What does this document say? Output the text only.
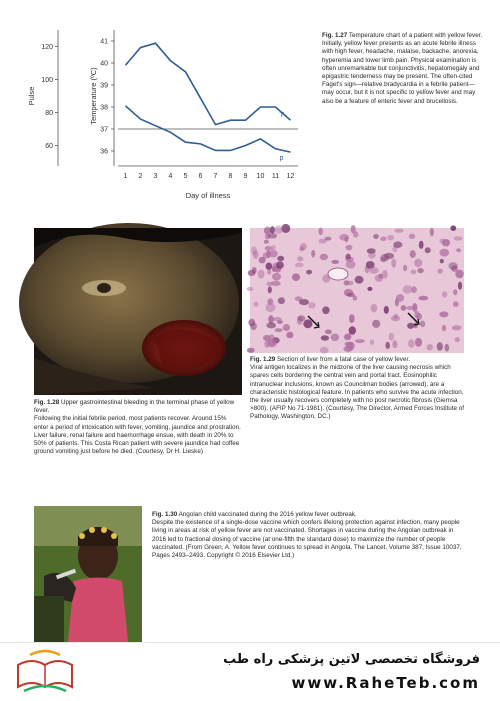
36
37
38
39
40
41
60
80
100
120
1 2 3 4 5 6 7 8 9 10 11 12
Day of illness
Temperature (ºC)
Pulse
T
p
Fig. 1.27 Temperature chart of a patient with yellow fever.
Initially, yellow fever presents as an acute febrile illness with high fever, headache, malaise, backache, anorexia, hyperemia and lower limb pain. Physical examination is often unremarkable but conjunctivitis, hepatomegaly and epigastric tenderness may be present. The often-cited Faget's sign—relative bradycardia in a febrile patient—may occur, but it is not specific to yellow fever and may also be a feature of enteric fever and brucellosis.
Fig. 1.28 Upper gastrointestinal bleeding in the terminal phase of yellow fever.
Following the initial febrile period, most patients recover. Around 15% enter a period of intoxication with fever, vomiting, jaundice and prostration. Liver failure, renal failure and haemorrhage ensue, with death in 20% to 50% of patients. This Costa Rican patient with severe jaundice had coffee ground vomiting just before he died. (Courtesy, Dr H. Lieske)
Fig. 1.29 Section of liver from a fatal case of yellow fever.
Viral antigen localizes in the midzone of the liver causing necrosis which spares cells bordering the central vein and portal tract. Eosinophilic intranuclear inclusions, known as Councilman bodies (arrowed), are a characteristic histological feature. In patients who survive the acute infection, the liver usually recovers completely with no post necrotic fibrosis (Giemsa ×800). (AFIP No 71-1981). (Courtesy, The Director, Armed Forces Institute of Pathology, Washington, DC.)
Fig. 1.30 Angolan child vaccinated during the 2016 yellow fever outbreak.
Despite the existence of a single-dose vaccine which confers lifelong protection against infection, many people living in areas at risk of yellow fever are not vaccinated. Shortages in vaccine during the Angolan outbreak in 2016 led to fractional dosing of vaccine (at one-fifth the standard dose) to maximize the number of people vaccinated. (From Green, A. Yellow fever continues to spread in Angola. The Lancet. Volume 387, Issue 10037, Pages 2493–2493. Copyright © 2016 Elsevier Ltd.)
فروشگاه تخصصی لاتین پزشکی راه طب
www.RaheTeb.com
